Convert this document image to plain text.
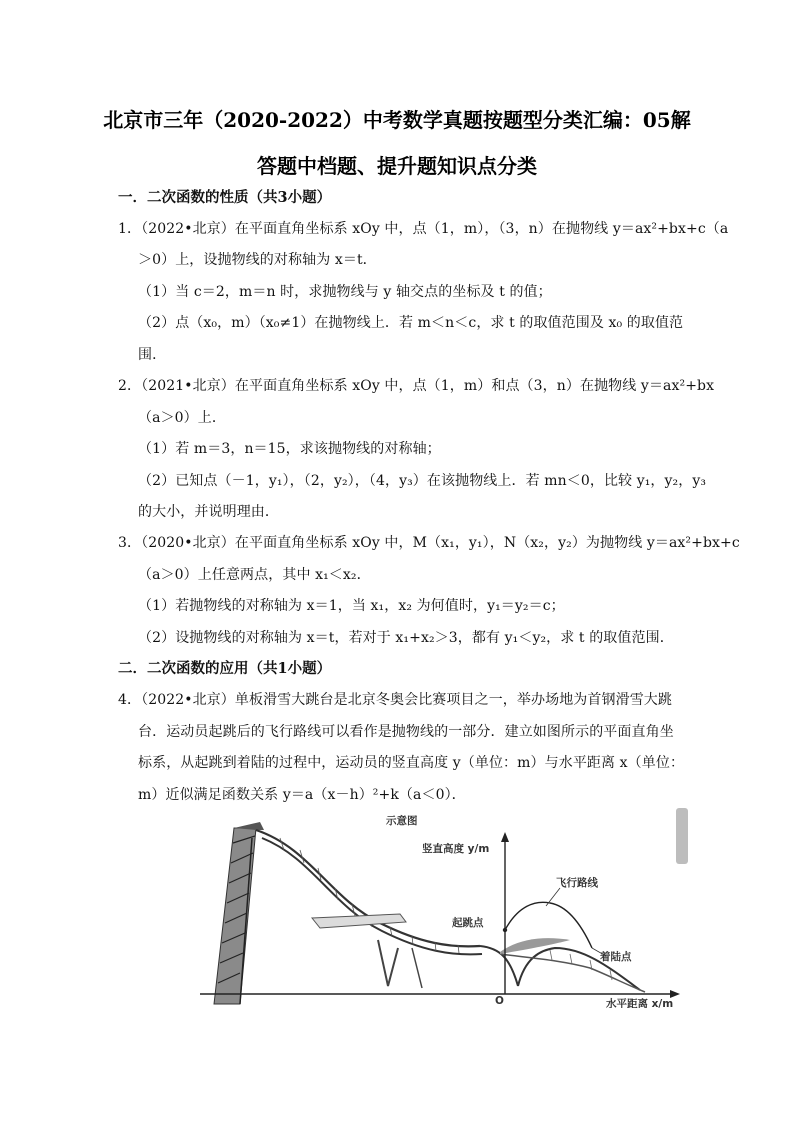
北京市三年（2020-2022）中考数学真题按题型分类汇编：05解
答题中档题、提升题知识点分类
一．二次函数的性质（共3小题）
1．（2022•北京）在平面直角坐标系 xOy 中，点（1，m），（3，n）在抛物线 y＝ax²+bx+c（a
＞0）上，设抛物线的对称轴为 x＝t．
（1）当 c＝2，m＝n 时，求抛物线与 y 轴交点的坐标及 t 的值；
（2）点（x₀，m）（x₀≠1）在抛物线上．若 m＜n＜c，求 t 的取值范围及 x₀ 的取值范
围．
2．（2021•北京）在平面直角坐标系 xOy 中，点（1，m）和点（3，n）在抛物线 y＝ax²+bx
（a＞0）上．
（1）若 m＝3，n＝15，求该抛物线的对称轴；
（2）已知点（－1，y₁），（2，y₂），（4，y₃）在该抛物线上．若 mn＜0，比较 y₁，y₂，y₃
的大小，并说明理由．
3．（2020•北京）在平面直角坐标系 xOy 中，M（x₁，y₁），N（x₂，y₂）为抛物线 y＝ax²+bx+c
（a＞0）上任意两点，其中 x₁＜x₂．
（1）若抛物线的对称轴为 x＝1，当 x₁，x₂ 为何值时，y₁＝y₂＝c；
（2）设抛物线的对称轴为 x＝t，若对于 x₁+x₂＞3，都有 y₁＜y₂，求 t 的取值范围．
二．二次函数的应用（共1小题）
4．（2022•北京）单板滑雪大跳台是北京冬奥会比赛项目之一，举办场地为首钢滑雪大跳
台．运动员起跳后的飞行路线可以看作是抛物线的一部分．建立如图所示的平面直角坐
标系，从起跳到着陆的过程中，运动员的竖直高度 y（单位：m）与水平距离 x（单位：
m）近似满足函数关系 y＝a（x－h）²+k（a＜0）．
示意图
竖直高度 y/m
飞行路线
起跳点
着陆点
O	水平距离 x/m
